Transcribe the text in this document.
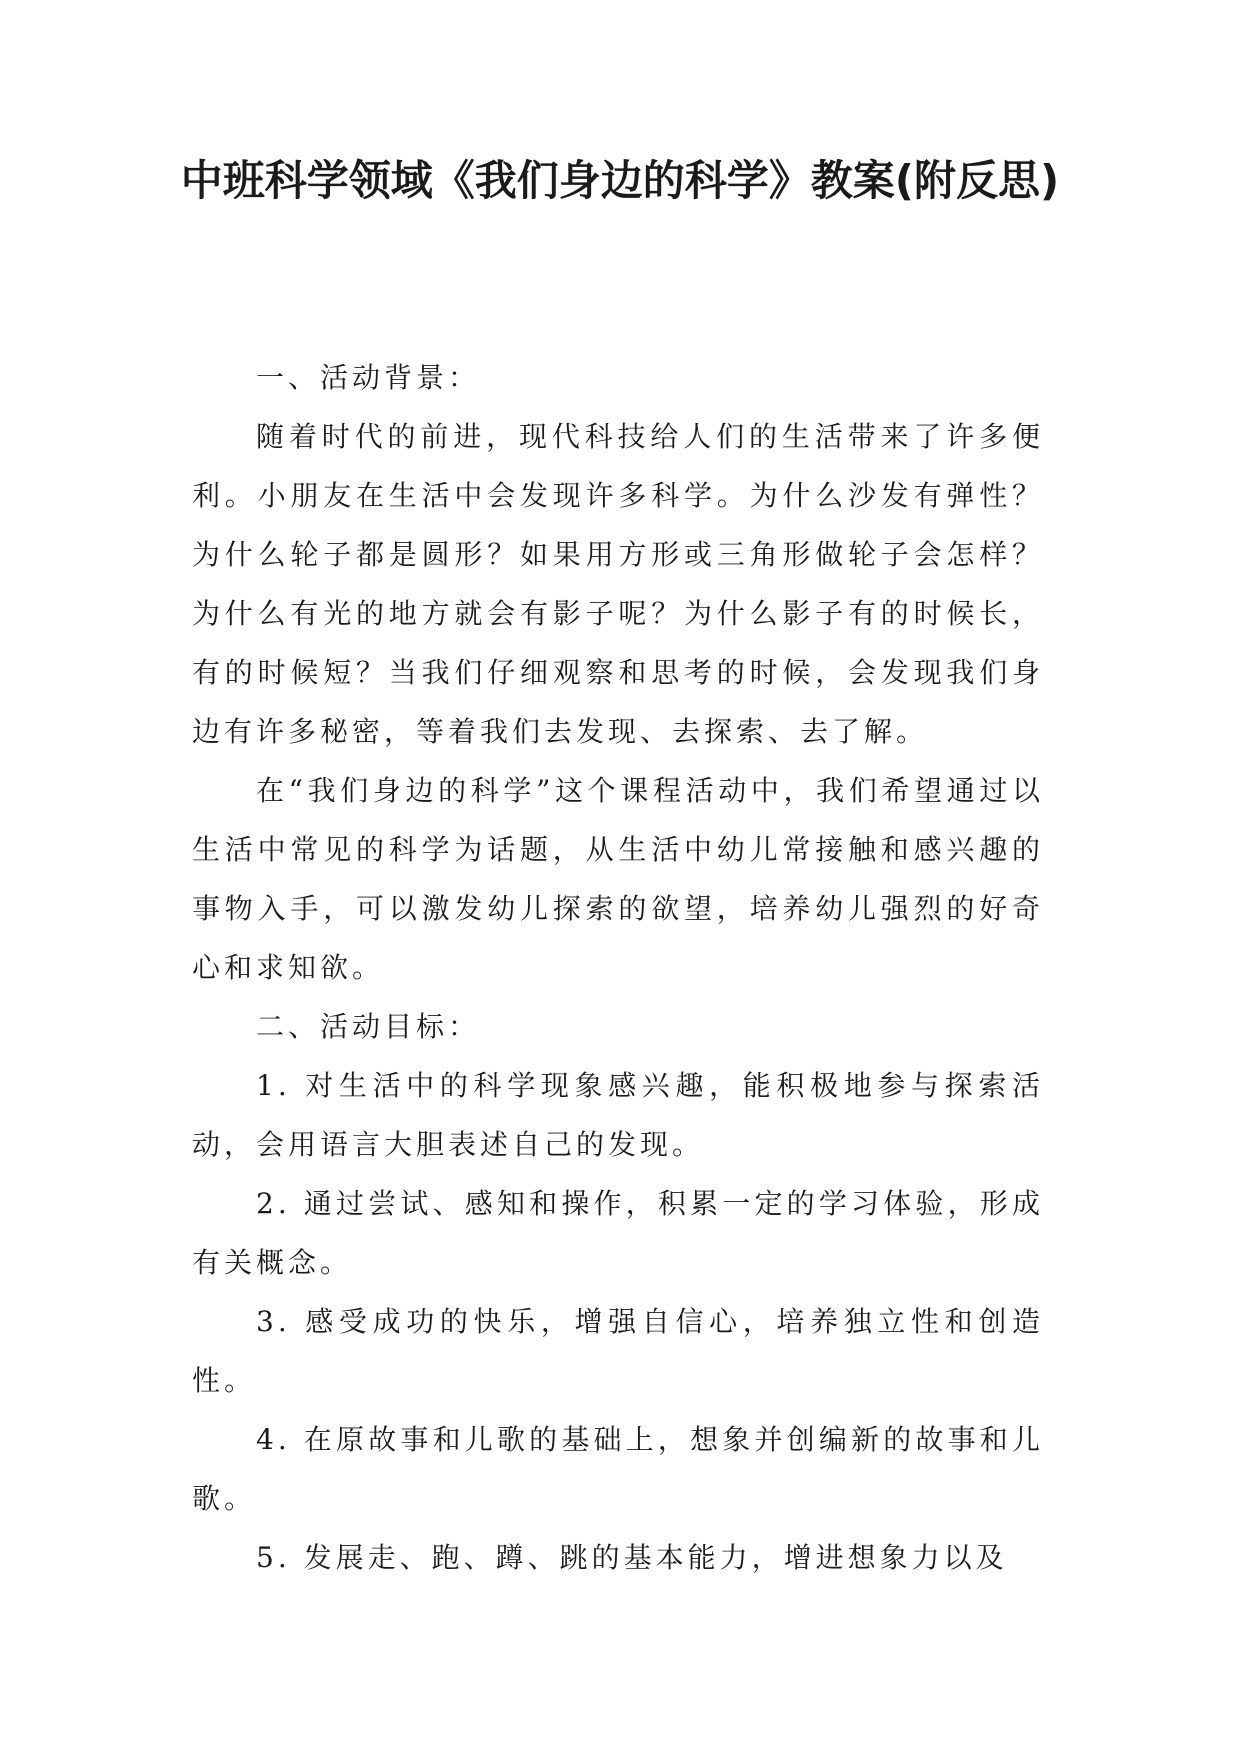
中班科学领域《我们身边的科学》教案(附反思)

一、活动背景：

随着时代的前进，现代科技给人们的生活带来了许多便利。小朋友在生活中会发现许多科学。为什么沙发有弹性？为什么轮子都是圆形？如果用方形或三角形做轮子会怎样？为什么有光的地方就会有影子呢？为什么影子有的时候长，有的时候短？当我们仔细观察和思考的时候，会发现我们身边有许多秘密，等着我们去发现、去探索、去了解。

在“我们身边的科学”这个课程活动中，我们希望通过以生活中常见的科学为话题，从生活中幼儿常接触和感兴趣的事物入手，可以激发幼儿探索的欲望，培养幼儿强烈的好奇心和求知欲。

二、活动目标：

1. 对生活中的科学现象感兴趣，能积极地参与探索活动，会用语言大胆表述自己的发现。

2. 通过尝试、感知和操作，积累一定的学习体验，形成有关概念。

3. 感受成功的快乐，增强自信心，培养独立性和创造性。

4. 在原故事和儿歌的基础上，想象并创编新的故事和儿歌。

5. 发展走、跑、蹲、跳的基本能力，增进想象力以及
